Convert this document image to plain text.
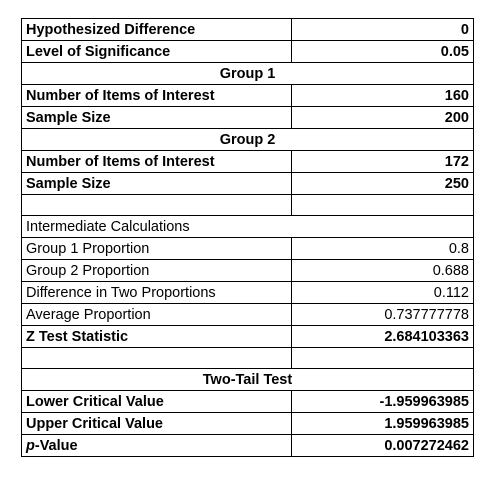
Hypothesized Difference	0
Level of Significance	0.05
Group 1	
Number of Items of Interest	160
Sample Size	200
Group 2	
Number of Items of Interest	172
Sample Size	250

Intermediate Calculations	
Group 1 Proportion	0.8
Group 2 Proportion	0.688
Difference in Two Proportions	0.112
Average Proportion	0.737777778
Z Test Statistic	2.684103363

Two-Tail Test	
Lower Critical Value	-1.959963985
Upper Critical Value	1.959963985
p-Value	0.007272462
